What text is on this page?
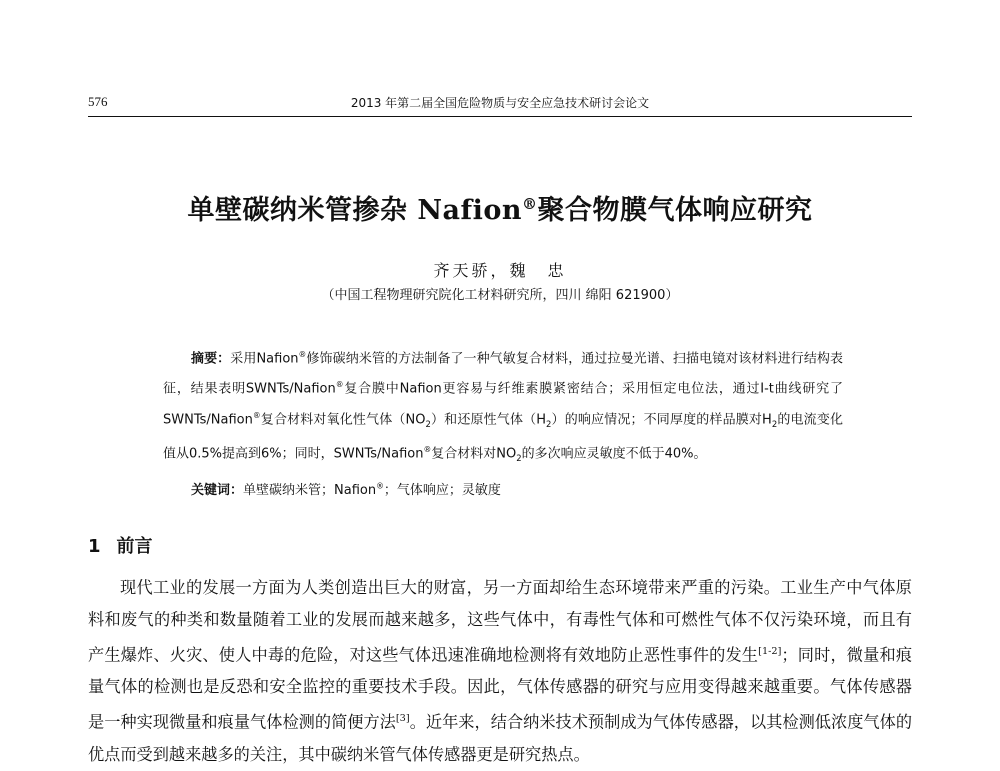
576	2013 年第二届全国危险物质与安全应急技术研讨会论文
单壁碳纳米管掺杂 Nafion®聚合物膜气体响应研究
齐天骄，魏　忠
（中国工程物理研究院化工材料研究所，四川 绵阳 621900）
摘要：采用Nafion®修饰碳纳米管的方法制备了一种气敏复合材料，通过拉曼光谱、扫描电镜对该材料进行结构表征，结果表明SWNTs/Nafion®复合膜中Nafion更容易与纤维素膜紧密结合；采用恒定电位法，通过I-t曲线研究了SWNTs/Nafion®复合材料对氧化性气体$(NO_2)$和还原性气体$(H_2)$的响应情况；不同厚度的样品膜对$H_2$的电流变化值从0.5%提高到6%；同时，SWNTs/Nafion®复合材料对$NO_2$的多次响应灵敏度不低于40%。
关键词：单壁碳纳米管；Nafion®；气体响应；灵敏度
1 前言
现代工业的发展一方面为人类创造出巨大的财富，另一方面却给生态环境带来严重的污染。工业生产中气体原料和废气的种类和数量随着工业的发展而越来越多，这些气体中，有毒性气体和可燃性气体不仅污染环境，而且有产生爆炸、火灾、使人中毒的危险，对这些气体迅速准确地检测将有效地防止恶性事件的发生[1-2]；同时，微量和痕量气体的检测也是反恐和安全监控的重要技术手段。因此，气体传感器的研究与应用变得越来越重要。气体传感器是一种实现微量和痕量气体检测的简便方法[3]。近年来，结合纳米技术预制成为气体传感器，以其检测低浓度气体的优点而受到越来越多的关注，其中碳纳米管气体传感器更是研究热点。
